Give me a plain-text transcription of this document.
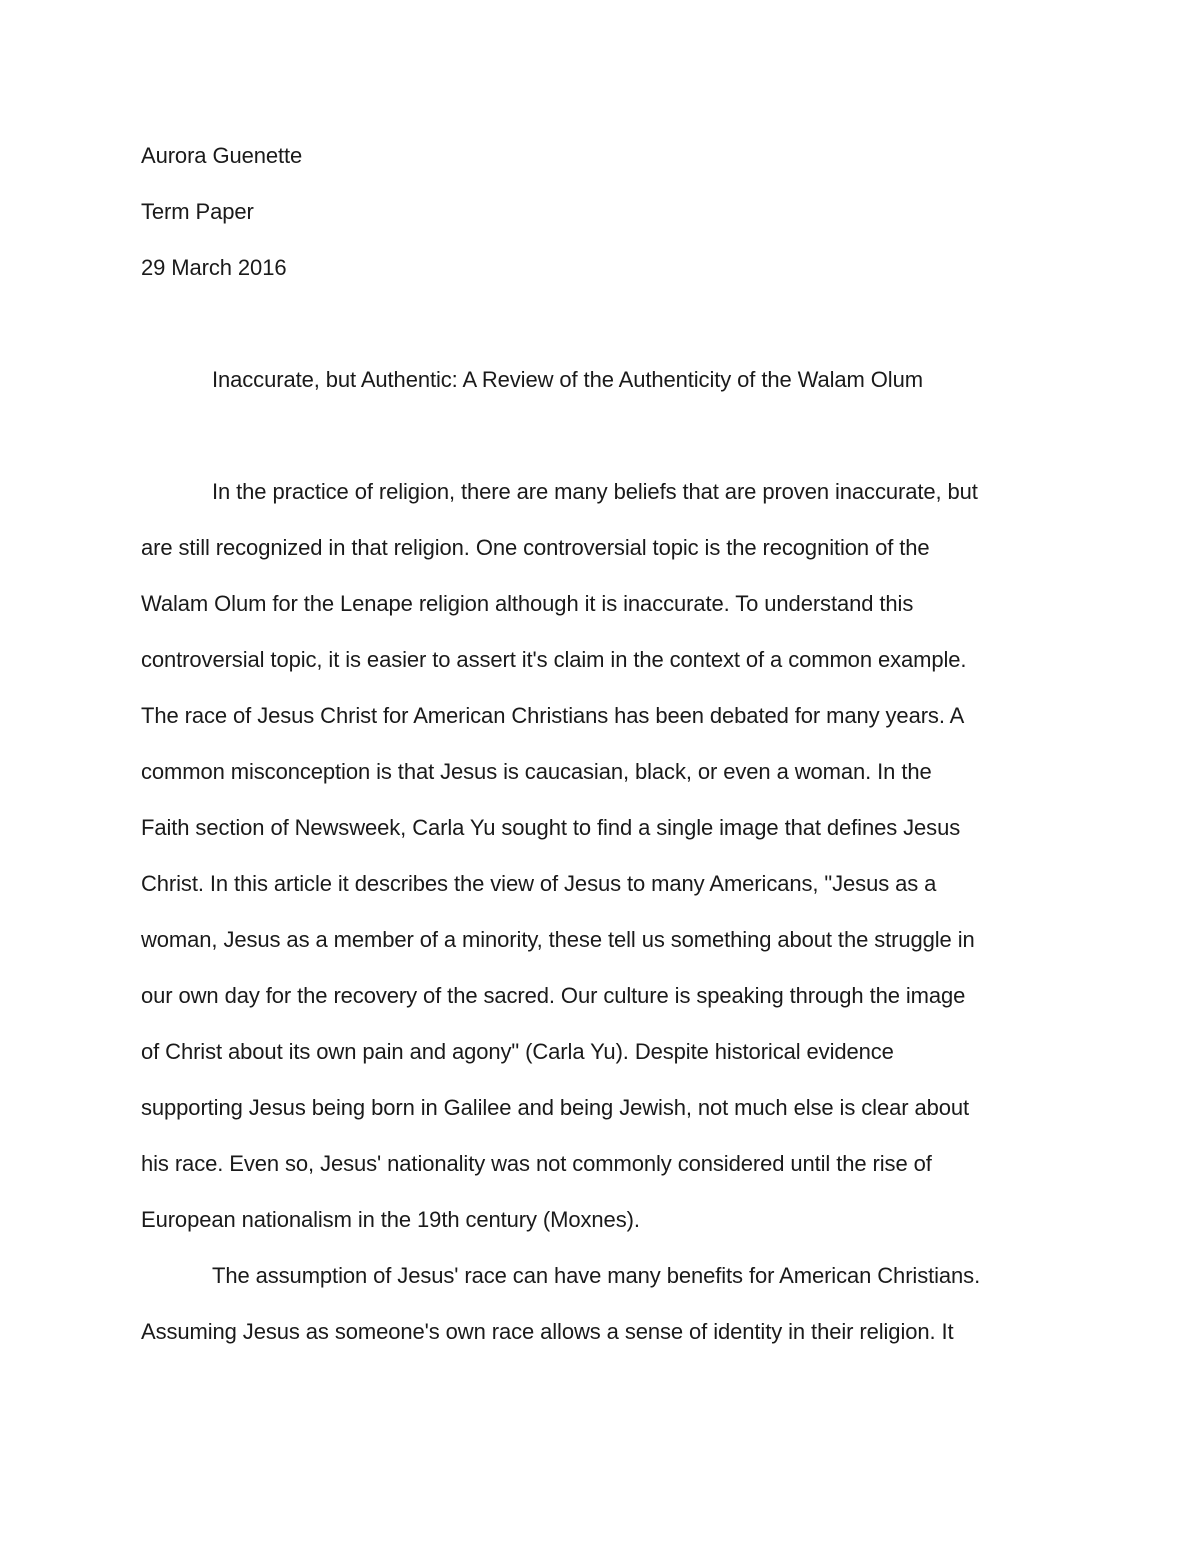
Aurora Guenette
Term Paper
29 March 2016
Inaccurate, but Authentic: A Review of the Authenticity of the Walam Olum
In the practice of religion, there are many beliefs that are proven inaccurate, but
are still recognized in that religion. One controversial topic is the recognition of the
Walam Olum for the Lenape religion although it is inaccurate. To understand this
controversial topic, it is easier to assert it's claim in the context of a common example.
The race of Jesus Christ for American Christians has been debated for many years. A
common misconception is that Jesus is caucasian, black, or even a woman. In the
Faith section of Newsweek, Carla Yu sought to find a single image that defines Jesus
Christ. In this article it describes the view of Jesus to many Americans, "Jesus as a
woman, Jesus as a member of a minority, these tell us something about the struggle in
our own day for the recovery of the sacred. Our culture is speaking through the image
of Christ about its own pain and agony" (Carla Yu). Despite historical evidence
supporting Jesus being born in Galilee and being Jewish, not much else is clear about
his race. Even so, Jesus' nationality was not commonly considered until the rise of
European nationalism in the 19th century (Moxnes).
The assumption of Jesus' race can have many benefits for American Christians.
Assuming Jesus as someone's own race allows a sense of identity in their religion. It
